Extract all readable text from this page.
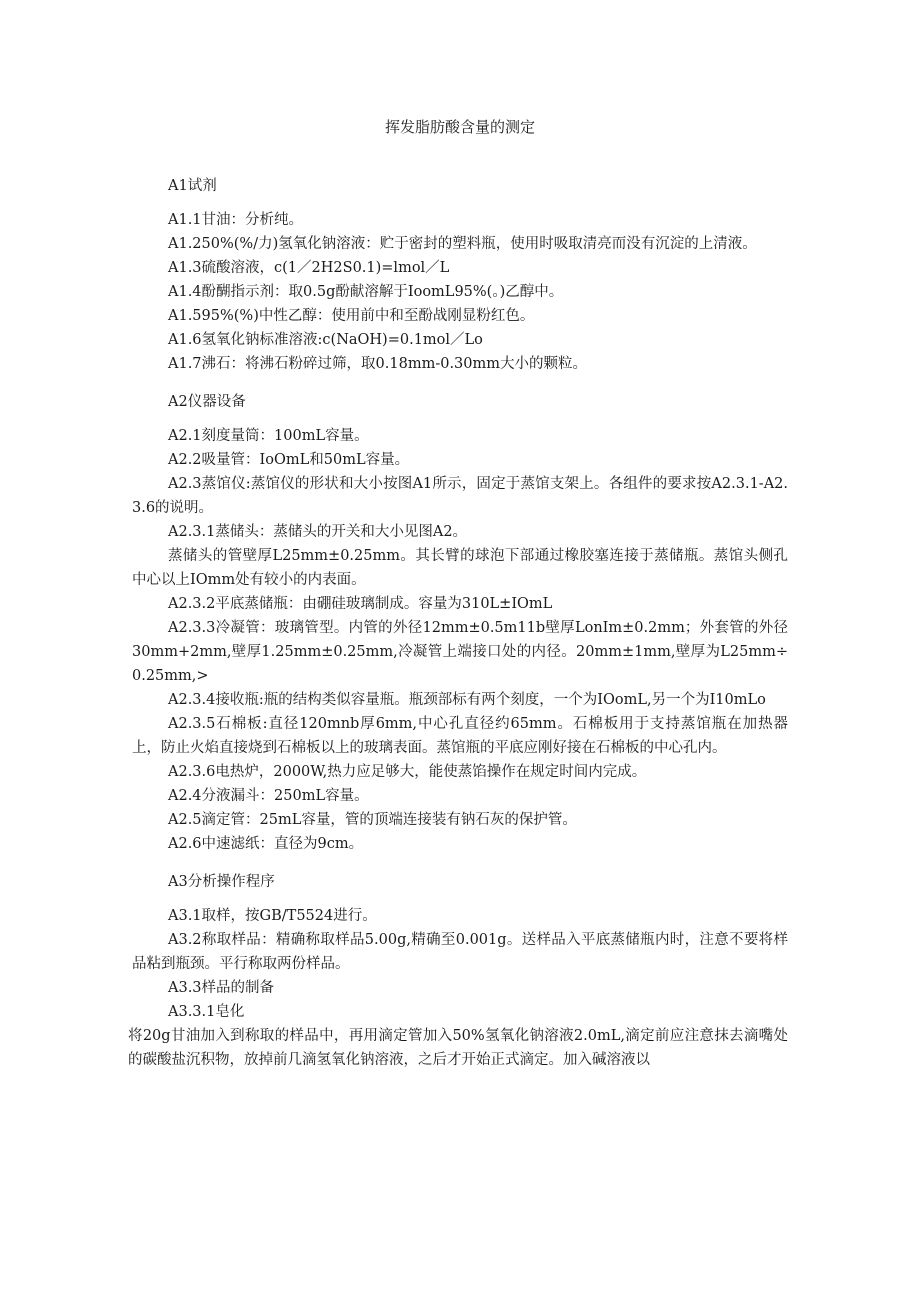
挥发脂肪酸含量的测定
A1试剂

A1.1甘油：分析纯。

A1.250%(%/力)氢氧化钠溶液：贮于密封的塑料瓶，使用时吸取清亮而没有沉淀的上清液。

A1.3硫酸溶液，c(1／2H2S0.1)=lmol／L

A1.4酚醐指示剂：取0.5g酚献溶解于IoomL95%(。)乙醇中。

A1.595%(%)中性乙醇：使用前中和至酚战刚显粉红色。

A1.6氢氧化钠标准溶液:c(NaOH)=0.1mol／Lo

A1.7沸石：将沸石粉碎过筛，取0.18mm-0.30mm大小的颗粒。

A2仪器设备

A2.1刻度量筒：100mL容量。

A2.2吸量管：IoOmL和50mL容量。

A2.3蒸馆仪:蒸馆仪的形状和大小按图A1所示，固定于蒸馆支架上。各组件的要求按A2.3.1-A2.3.6的说明。

A2.3.1蒸储头：蒸储头的开关和大小见图A2。

蒸储头的管壁厚L25mm±0.25mm。其长臂的球泡下部通过橡胶塞连接于蒸储瓶。蒸馆头侧孔中心以上IOmm处有较小的内表面。

A2.3.2平底蒸储瓶：由硼硅玻璃制成。容量为310L±IOmL

A2.3.3冷凝管：玻璃管型。内管的外径12mm±0.5m11b壁厚LonIm±0.2mm；外套管的外径30mm+2mm,壁厚1.25mm±0.25mm,冷凝管上端接口处的内径。20mm±1mm,壁厚为L25mm÷0.25mm,>

A2.3.4接收瓶:瓶的结构类似容量瓶。瓶颈部标有两个刻度，一个为IOomL,另一个为I10mLo

A2.3.5石棉板:直径120mnb厚6mm,中心孔直径约65mm。石棉板用于支持蒸馆瓶在加热器上，防止火焰直接烧到石棉板以上的玻璃表面。蒸馆瓶的平底应刚好接在石棉板的中心孔内。

A2.3.6电热炉，2000W,热力应足够大，能使蒸馅操作在规定时间内完成。

A2.4分液漏斗：250mL容量。

A2.5滴定管：25mL容量，管的顶端连接装有钠石灰的保护管。

A2.6中速滤纸：直径为9cm。

A3分析操作程序

A3.1取样，按GB/T5524进行。

A3.2称取样品：精确称取样品5.00g,精确至0.001g。送样品入平底蒸储瓶内时，注意不要将样品粘到瓶颈。平行称取两份样品。

A3.3样品的制备

A3.3.1皂化

将20g甘油加入到称取的样品中，再用滴定管加入50%氢氧化钠溶液2.0mL,滴定前应注意抹去滴嘴处的碳酸盐沉积物，放掉前几滴氢氧化钠溶液，之后才开始正式滴定。加入碱溶液以
